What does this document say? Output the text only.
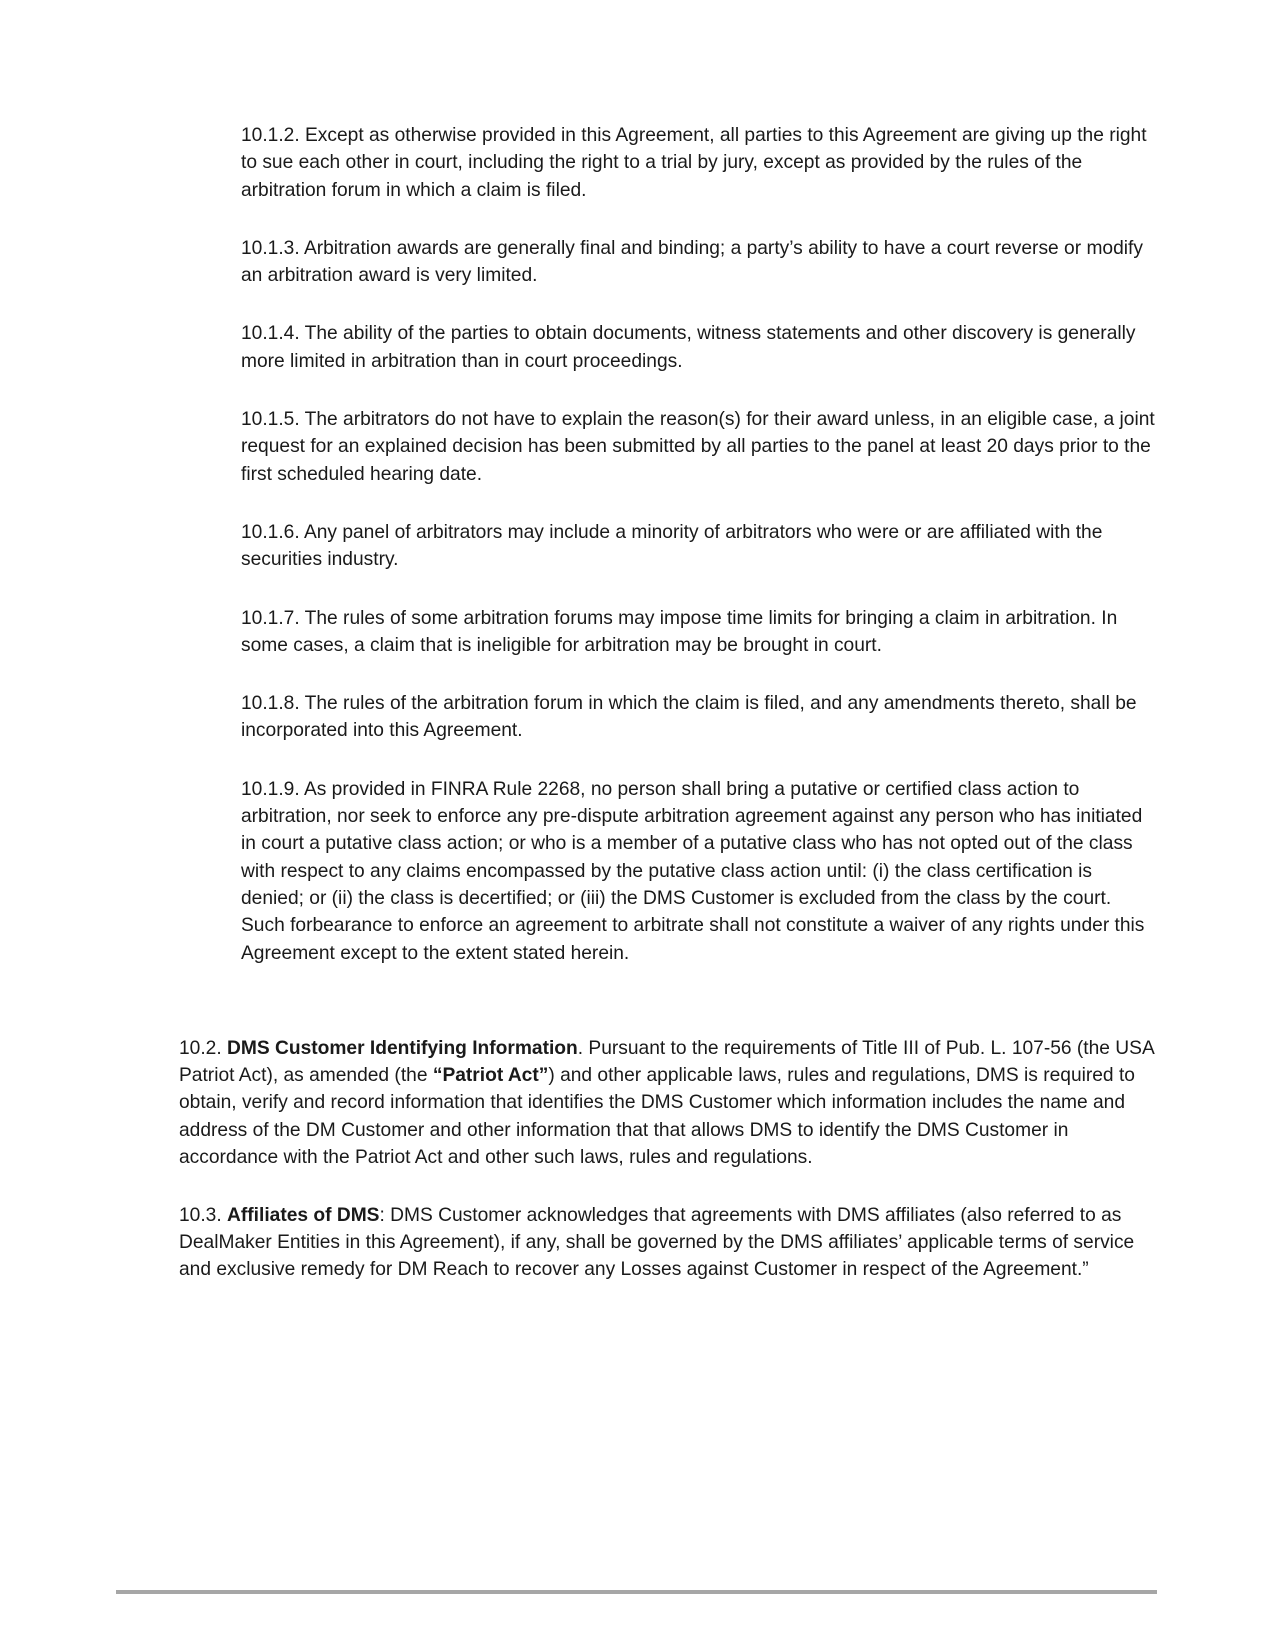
10.1.2. Except as otherwise provided in this Agreement, all parties to this Agreement are giving up the right to sue each other in court, including the right to a trial by jury, except as provided by the rules of the arbitration forum in which a claim is filed.

10.1.3. Arbitration awards are generally final and binding; a party’s ability to have a court reverse or modify an arbitration award is very limited.

10.1.4. The ability of the parties to obtain documents, witness statements and other discovery is generally more limited in arbitration than in court proceedings.

10.1.5. The arbitrators do not have to explain the reason(s) for their award unless, in an eligible case, a joint request for an explained decision has been submitted by all parties to the panel at least 20 days prior to the first scheduled hearing date.

10.1.6. Any panel of arbitrators may include a minority of arbitrators who were or are affiliated with the securities industry.

10.1.7. The rules of some arbitration forums may impose time limits for bringing a claim in arbitration. In some cases, a claim that is ineligible for arbitration may be brought in court.

10.1.8. The rules of the arbitration forum in which the claim is filed, and any amendments thereto, shall be incorporated into this Agreement.

10.1.9. As provided in FINRA Rule 2268, no person shall bring a putative or certified class action to arbitration, nor seek to enforce any pre-dispute arbitration agreement against any person who has initiated in court a putative class action; or who is a member of a putative class who has not opted out of the class with respect to any claims encompassed by the putative class action until: (i) the class certification is denied; or (ii) the class is decertified; or (iii) the DMS Customer is excluded from the class by the court. Such forbearance to enforce an agreement to arbitrate shall not constitute a waiver of any rights under this Agreement except to the extent stated herein.

10.2. DMS Customer Identifying Information. Pursuant to the requirements of Title III of Pub. L. 107-56 (the USA Patriot Act), as amended (the “Patriot Act”) and other applicable laws, rules and regulations, DMS is required to obtain, verify and record information that identifies the DMS Customer which information includes the name and address of the DM Customer and other information that that allows DMS to identify the DMS Customer in accordance with the Patriot Act and other such laws, rules and regulations.

10.3. Affiliates of DMS: DMS Customer acknowledges that agreements with DMS affiliates (also referred to as DealMaker Entities in this Agreement), if any, shall be governed by the DMS affiliates’ applicable terms of service and exclusive remedy for DM Reach to recover any Losses against Customer in respect of the Agreement.”
